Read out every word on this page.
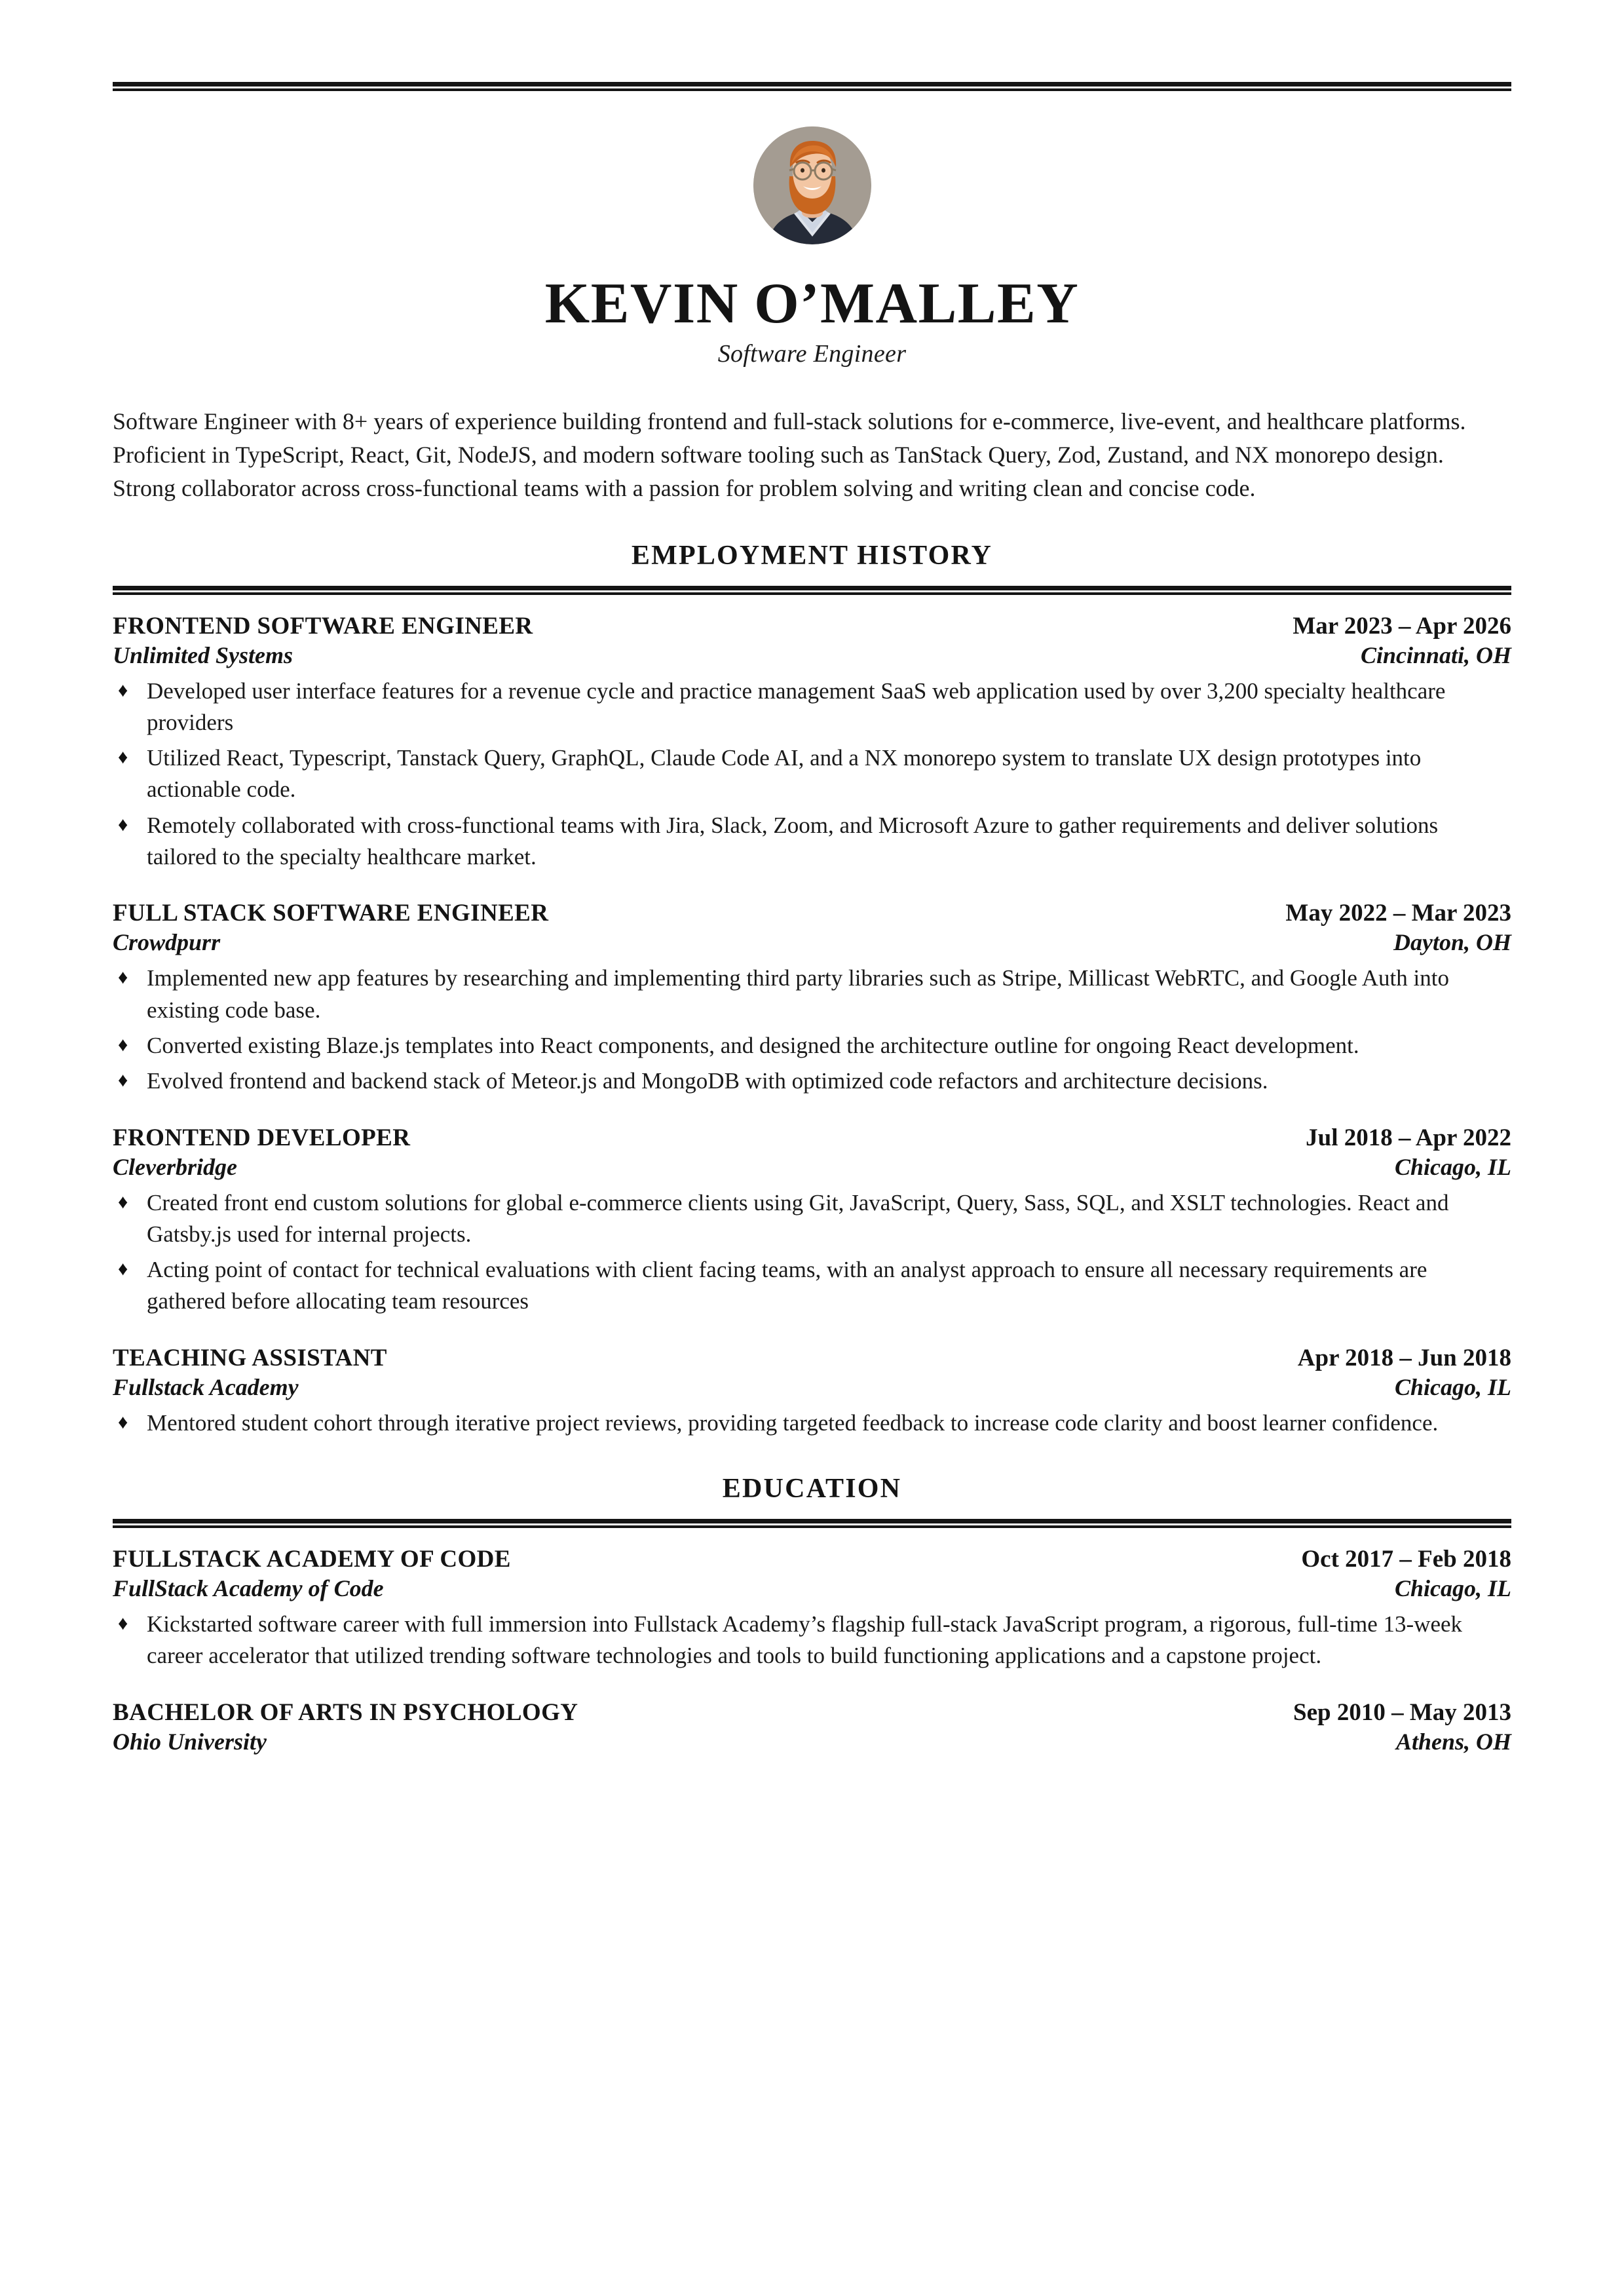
KEVIN O’MALLEY
Software Engineer
Software Engineer with 8+ years of experience building frontend and full-stack solutions for e-commerce, live-event, and healthcare platforms. Proficient in TypeScript, React, Git, NodeJS, and modern software tooling such as TanStack Query, Zod, Zustand, and NX monorepo design. Strong collaborator across cross-functional teams with a passion for problem solving and writing clean and concise code.
EMPLOYMENT HISTORY
FRONTEND SOFTWARE ENGINEER	Mar 2023 – Apr 2026
Unlimited Systems	Cincinnati, OH
♦ Developed user interface features for a revenue cycle and practice management SaaS web application used by over 3,200 specialty healthcare providers
♦ Utilized React, Typescript, Tanstack Query, GraphQL, Claude Code AI, and a NX monorepo system to translate UX design prototypes into actionable code.
♦ Remotely collaborated with cross-functional teams with Jira, Slack, Zoom, and Microsoft Azure to gather requirements and deliver solutions tailored to the specialty healthcare market.
FULL STACK SOFTWARE ENGINEER	May 2022 – Mar 2023
Crowdpurr	Dayton, OH
♦ Implemented new app features by researching and implementing third party libraries such as Stripe, Millicast WebRTC, and Google Auth into existing code base.
♦ Converted existing Blaze.js templates into React components, and designed the architecture outline for ongoing React development.
♦ Evolved frontend and backend stack of Meteor.js and MongoDB with optimized code refactors and architecture decisions.
FRONTEND DEVELOPER	Jul 2018 – Apr 2022
Cleverbridge	Chicago, IL
♦ Created front end custom solutions for global e-commerce clients using Git, JavaScript, Query, Sass, SQL, and XSLT technologies. React and Gatsby.js used for internal projects.
♦ Acting point of contact for technical evaluations with client facing teams, with an analyst approach to ensure all necessary requirements are gathered before allocating team resources
TEACHING ASSISTANT	Apr 2018 – Jun 2018
Fullstack Academy	Chicago, IL
♦ Mentored student cohort through iterative project reviews, providing targeted feedback to increase code clarity and boost learner confidence.
EDUCATION
FULLSTACK ACADEMY OF CODE	Oct 2017 – Feb 2018
FullStack Academy of Code	Chicago, IL
♦ Kickstarted software career with full immersion into Fullstack Academy’s flagship full-stack JavaScript program, a rigorous, full-time 13-week career accelerator that utilized trending software technologies and tools to build functioning applications and a capstone project.
BACHELOR OF ARTS IN PSYCHOLOGY	Sep 2010 – May 2013
Ohio University	Athens, OH
